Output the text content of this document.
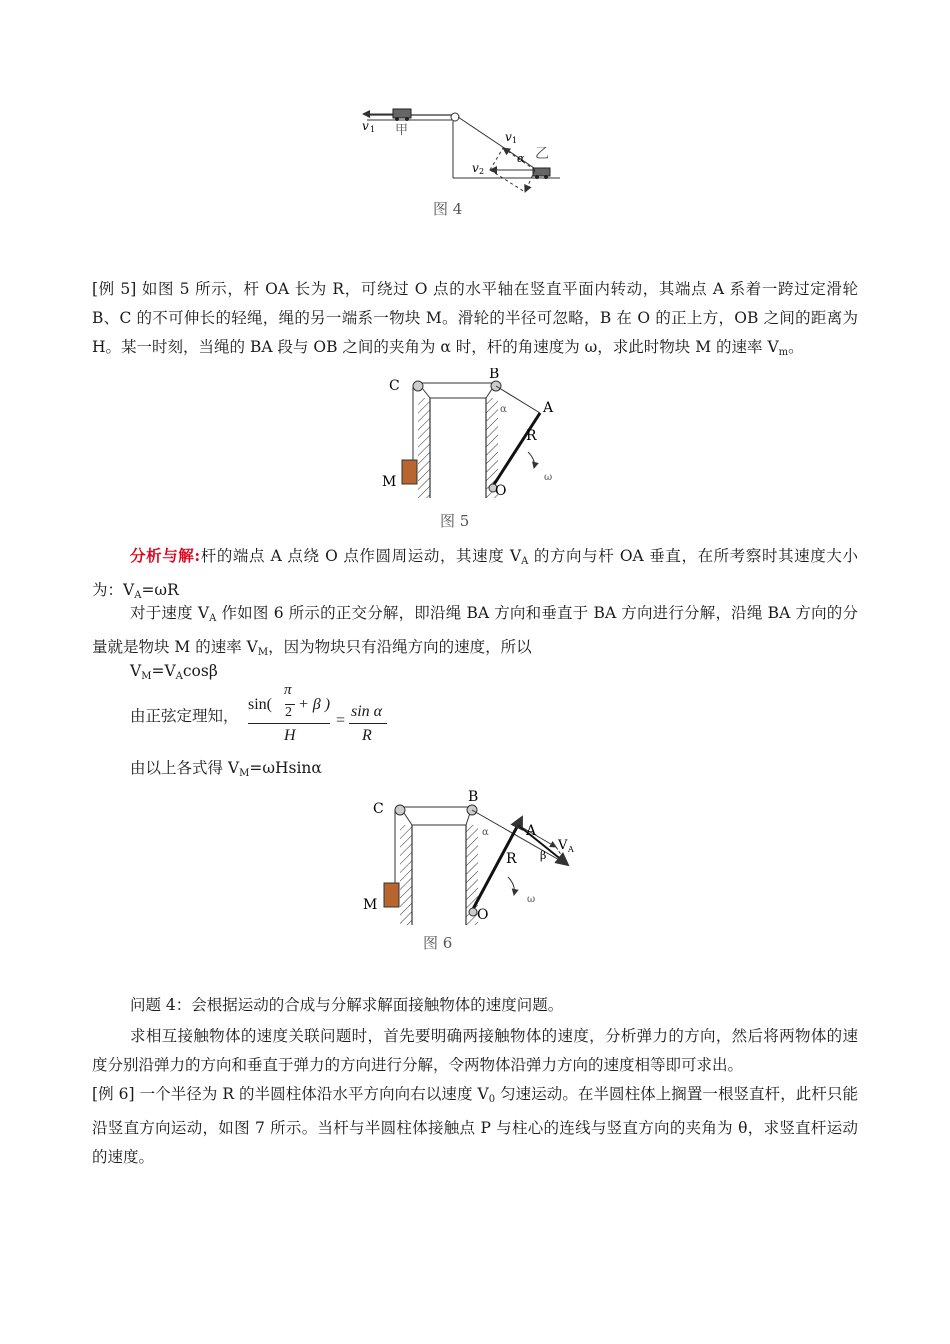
v 1 甲	v 1
v 2
α 乙
图 4

[例 5] 如图 5 所示，杆 OA 长为 R，可绕过 O 点的水平轴在竖直平面内转动，其端点 A 系着一跨过定滑轮 B、C 的不可伸长的轻绳，绳的另一端系一物块 M。滑轮的半径可忽略，B 在 O 的正上方，OB 之间的距离为 H。某一时刻，当绳的 BA 段与 OB 之间的夹角为 α 时，杆的角速度为 ω，求此时物块 M 的速率 $V_m$。

C
B
A
R
M
O
α
ω
图 5

分析与解:杆的端点 A 点绕 O 点作圆周运动，其速度 $V_A$ 的方向与杆 OA 垂直，在所考察时其速度大小为：$V_A=\omega R$

对于速度 $V_A$ 作如图 6 所示的正交分解，即沿绳 BA 方向和垂直于 BA 方向进行分解，沿绳 BA 方向的分量就是物块 M 的速率 $V_M$，因为物块只有沿绳方向的速度，所以

$V_M=V_A\cos\beta$
由正弦定理知，
sin(
π
2 + β )
H
=
sin α
R
由以上各式得 $V_M=\omega Hsin\alpha$
C
B
A
R
M
O
α
β
V A
ω
图 6
问题 4：会根据运动的合成与分解求解面接触物体的速度问题。

求相互接触物体的速度关联问题时，首先要明确两接触物体的速度，分析弹力的方向，然后将两物体的速度分别沿弹力的方向和垂直于弹力的方向进行分解，令两物体沿弹力方向的速度相等即可求出。

[例 6] 一个半径为 R 的半圆柱体沿水平方向向右以速度 $V_0$ 匀速运动。在半圆柱体上搁置一根竖直杆，此杆只能沿竖直方向运动，如图 7 所示。当杆与半圆柱体接触点 P 与柱心的连线与竖直方向的夹角为 θ，求竖直杆运动的速度。
